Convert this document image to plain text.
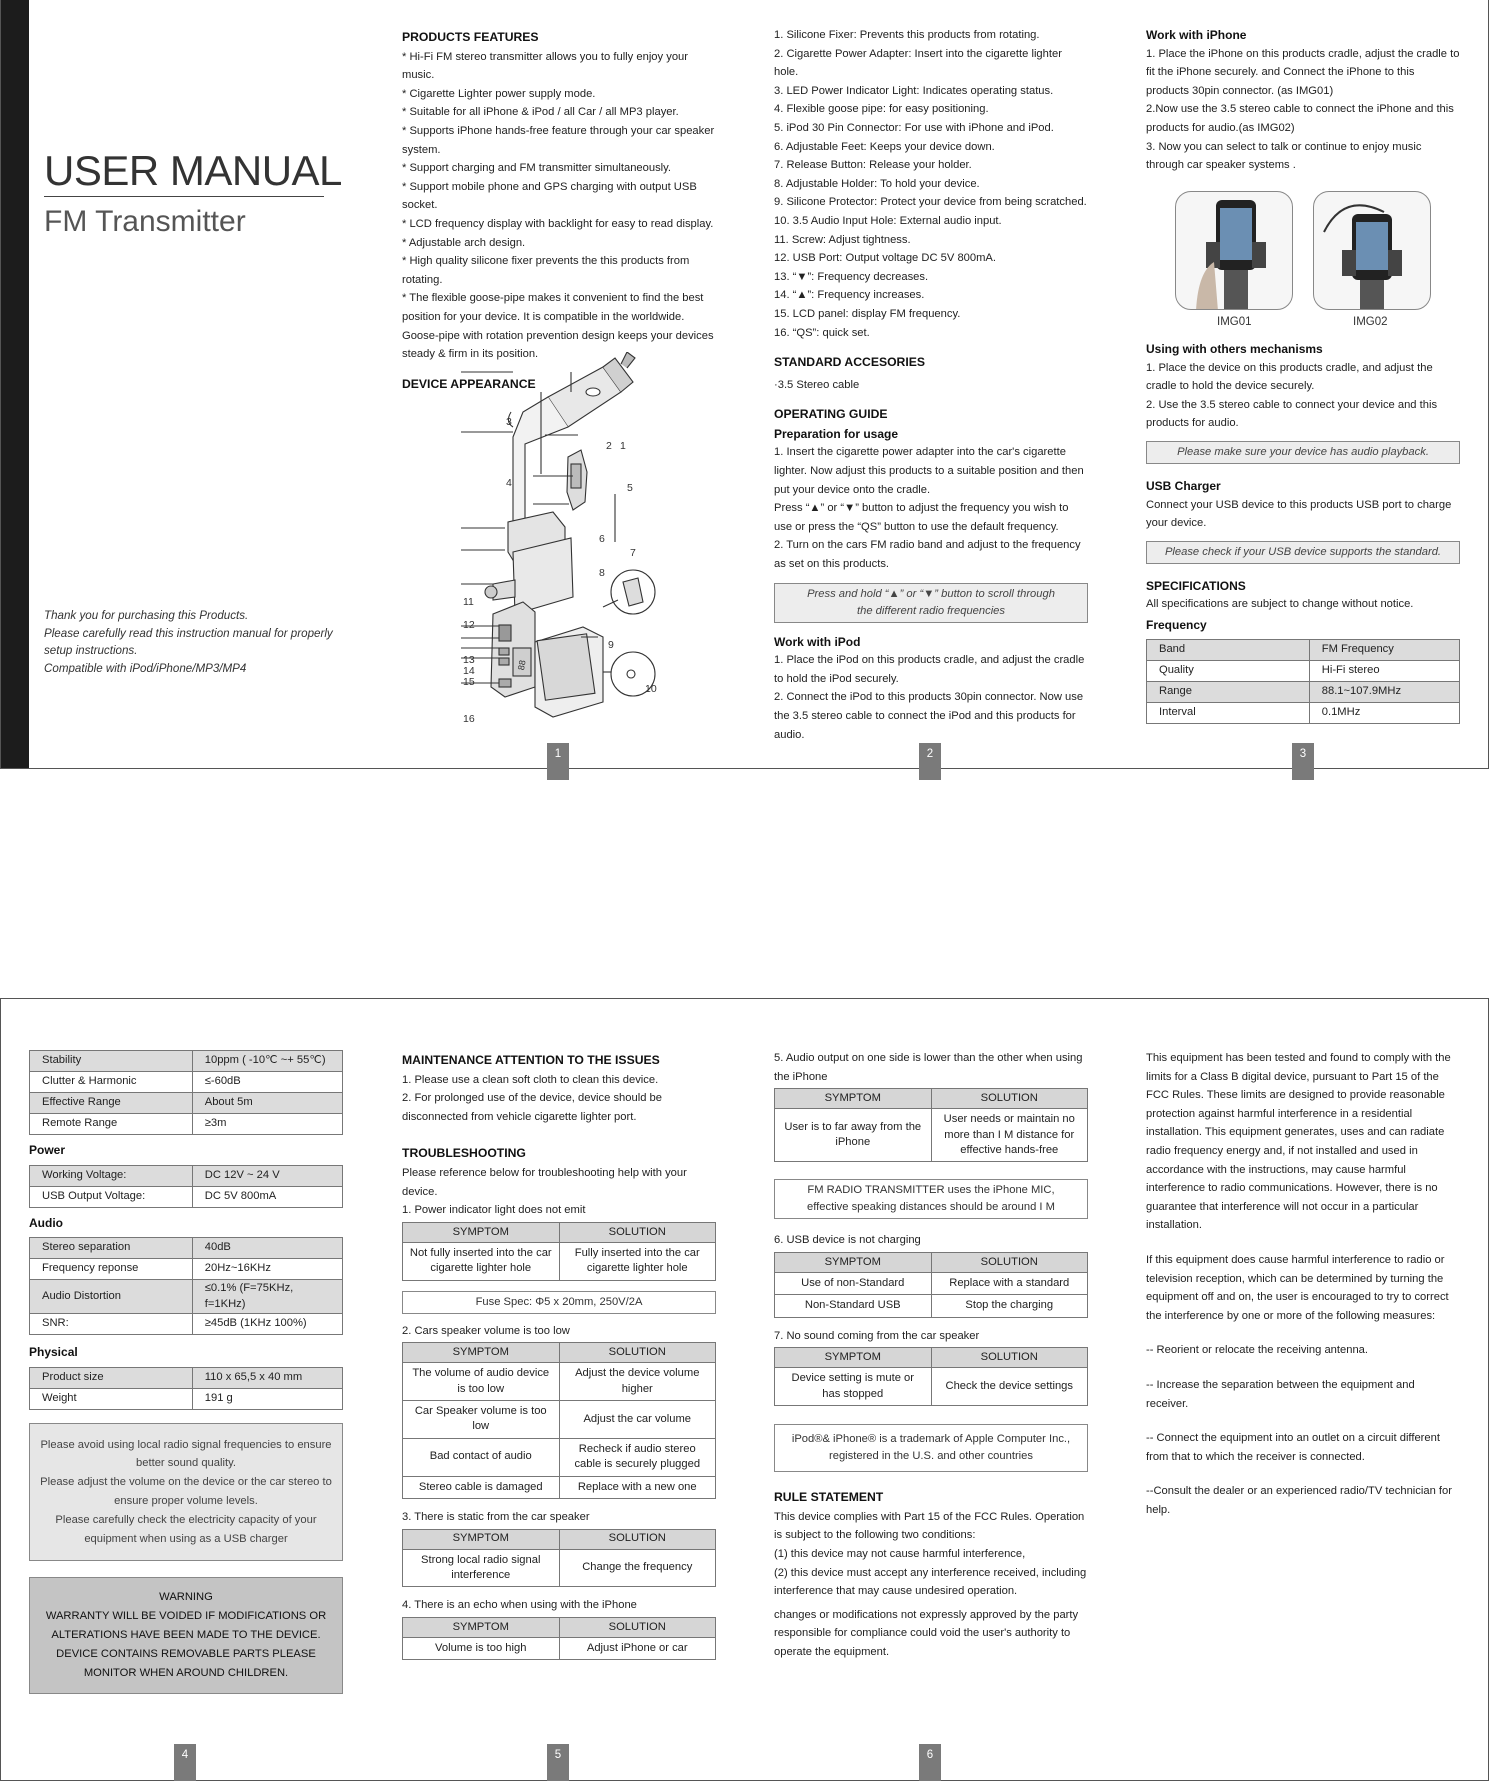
USER MANUAL
FM Transmitter
Thank you for purchasing this Products.
Please carefully read this instruction manual for properly
setup instructions.
Compatible with iPod/iPhone/MP3/MP4
PRODUCTS FEATURES

* Hi-Fi FM stereo transmitter allows you to fully enjoy your music.

* Cigarette Lighter power supply mode.

* Suitable for all iPhone & iPod / all Car / all MP3 player.

* Supports iPhone hands-free feature through your car speaker system.

* Support charging and FM transmitter simultaneously.

* Support mobile phone and GPS charging with output USB socket.

* LCD frequency display with backlight for easy to read display.

* Adjustable arch design.

* High quality silicone fixer prevents the this products from rotating.

* The flexible goose-pipe makes it convenient to find the best position for your device. It is compatible in the worldwide. Goose-pipe with rotation prevention design keeps your devices steady & firm in its position.

DEVICE APPEARANCE
1
2
3
4	5
6
7
8
9
10
11
12
13
14
15
16
88

1. Silicone Fixer: Prevents this products from rotating.

2. Cigarette Power Adapter: Insert into the cigarette lighter hole.

3. LED Power Indicator Light: Indicates operating status.

4. Flexible goose pipe: for easy positioning.

5. iPod 30 Pin Connector: For use with iPhone and iPod.

6. Adjustable Feet: Keeps your device down.

7. Release Button: Release your holder.

8. Adjustable Holder: To hold your device.

9. Silicone Protector: Protect your device from being scratched.

10. 3.5 Audio Input Hole: External audio input.

11. Screw: Adjust tightness.

12. USB Port: Output voltage DC 5V 800mA.

13. “▼”: Frequency decreases.

14. “▲”: Frequency increases.

15. LCD panel: display FM frequency.

16. “QS”: quick set.

STANDARD ACCESORIES

·3.5 Stereo cable

OPERATING GUIDE
Preparation for usage

1. Insert the cigarette power adapter into the car's cigarette lighter. Now adjust this products to a suitable position and then put your device onto the cradle.
Press “▲” or “▼” button to adjust the frequency you wish to use or press the “QS” button to use the default frequency.
2. Turn on the cars FM radio band and adjust to the frequency as set on this products.

Press and hold “▲” or “▼” button to scroll through
the different radio frequencies

Work with iPod

1. Place the iPod on this products cradle, and adjust the cradle to hold the iPod securely.
2. Connect the iPod to this products 30pin connector. Now use the 3.5 stereo cable to connect the iPod and this products for audio.

Work with iPhone

1. Place the iPhone on this products cradle, adjust the cradle to fit the iPhone securely. and Connect the iPhone to this products 30pin connector. (as IMG01)
2.Now use the 3.5 stereo cable to connect the iPhone and this products for audio.(as IMG02)
3. Now you can select to talk or continue to enjoy music through car speaker systems .

IMG01	IMG02
Using with others mechanisms

1. Place the device on this products cradle, and adjust the cradle to hold the device securely.
2. Use the 3.5 stereo cable to connect your device and this products for audio.

Please make sure your device has audio playback.

USB Charger

Connect your USB device to this products USB port to charge your device.

Please check if your USB device supports the standard.

SPECIFICATIONS

All specifications are subject to change without notice.

Frequency
Band	FM Frequency
Quality	Hi-Fi stereo
Range	88.1~107.9MHz
Interval	0.1MHz
1	2	3
Stability	10ppm ( -10℃ ~+ 55℃)
Clutter & Harmonic	≤-60dB
Effective Range	About 5m
Remote Range	≥3m
Power
Working Voltage:	DC 12V ~ 24 V
USB Output Voltage:	DC 5V 800mA
Audio
Stereo separation	40dB
Frequency reponse	20Hz~16KHz
Audio Distortion	≤0.1% (F=75KHz, f=1KHz)
SNR:	≥45dB (1KHz 100%)
Physical
Product size	110 x 65,5 x 40 mm
Weight	191 g

Please avoid using local radio signal frequencies to ensure better sound quality.
Please adjust the volume on the device or the car stereo to ensure proper volume levels.
Please carefully check the electricity capacity of your equipment when using as a USB charger

WARNING
WARRANTY WILL BE VOIDED IF MODIFICATIONS OR ALTERATIONS HAVE BEEN MADE TO THE DEVICE. DEVICE CONTAINS REMOVABLE PARTS PLEASE MONITOR WHEN AROUND CHILDREN.
MAINTENANCE ATTENTION TO THE ISSUES

1. Please use a clean soft cloth to clean this device.
2. For prolonged use of the device, device should be disconnected from vehicle cigarette lighter port.

TROUBLESHOOTING

Please reference below for troubleshooting help with your device.

1. Power indicator light does not emit

SYMPTOM	SOLUTION
Not fully inserted into the car cigarette lighter hole	Fully inserted into the car cigarette lighter hole

Fuse Spec: Φ5 x 20mm, 250V/2A

2. Cars speaker volume is too low

SYMPTOM	SOLUTION
The volume of audio device is too low	Adjust the device volume higher
Car Speaker volume is too low	Adjust the car volume
Bad contact of audio	Recheck if audio stereo cable is securely plugged
Stereo cable is damaged	Replace with a new one

3. There is static from the car speaker

SYMPTOM	SOLUTION
Strong local radio signal interference	Change the frequency

4. There is an echo when using with the iPhone

SYMPTOM	SOLUTION
Volume is too high	Adjust iPhone or car

5. Audio output on one side is lower than the other when using the iPhone

SYMPTOM	SOLUTION
User is to far away from the iPhone	User needs or maintain no more than I M distance for effective hands-free

FM RADIO TRANSMITTER uses the iPhone MIC,
effective speaking distances should be around I M

6. USB device is not charging

SYMPTOM	SOLUTION
Use of non-Standard	Replace with a standard
Non-Standard USB	Stop the charging

7. No sound coming from the car speaker

SYMPTOM	SOLUTION
Device setting is mute or has stopped	Check the device settings

iPod®& iPhone® is a trademark of Apple Computer Inc.,
registered in the U.S. and other countries

RULE STATEMENT

This device complies with Part 15 of the FCC Rules. Operation is subject to the following two conditions:
(1) this device may not cause harmful interference,
(2) this device must accept any interference received, including interference that may cause undesired operation.

changes or modifications not expressly approved by the party responsible for compliance could void the user's authority to operate the equipment.

This equipment has been tested and found to comply with the limits for a Class B digital device, pursuant to Part 15 of the FCC Rules. These limits are designed to provide reasonable protection against harmful interference in a residential installation. This equipment generates, uses and can radiate radio frequency energy and, if not installed and used in accordance with the instructions, may cause harmful interference to radio communications. However, there is no guarantee that interference will not occur in a particular installation.

If this equipment does cause harmful interference to radio or television reception, which can be determined by turning the equipment off and on, the user is encouraged to try to correct the interference by one or more of the following measures:

-- Reorient or relocate the receiving antenna.

-- Increase the separation between the equipment and receiver.

-- Connect the equipment into an outlet on a circuit different from that to which the receiver is connected.

--Consult the dealer or an experienced radio/TV technician for help.

4	5	6
